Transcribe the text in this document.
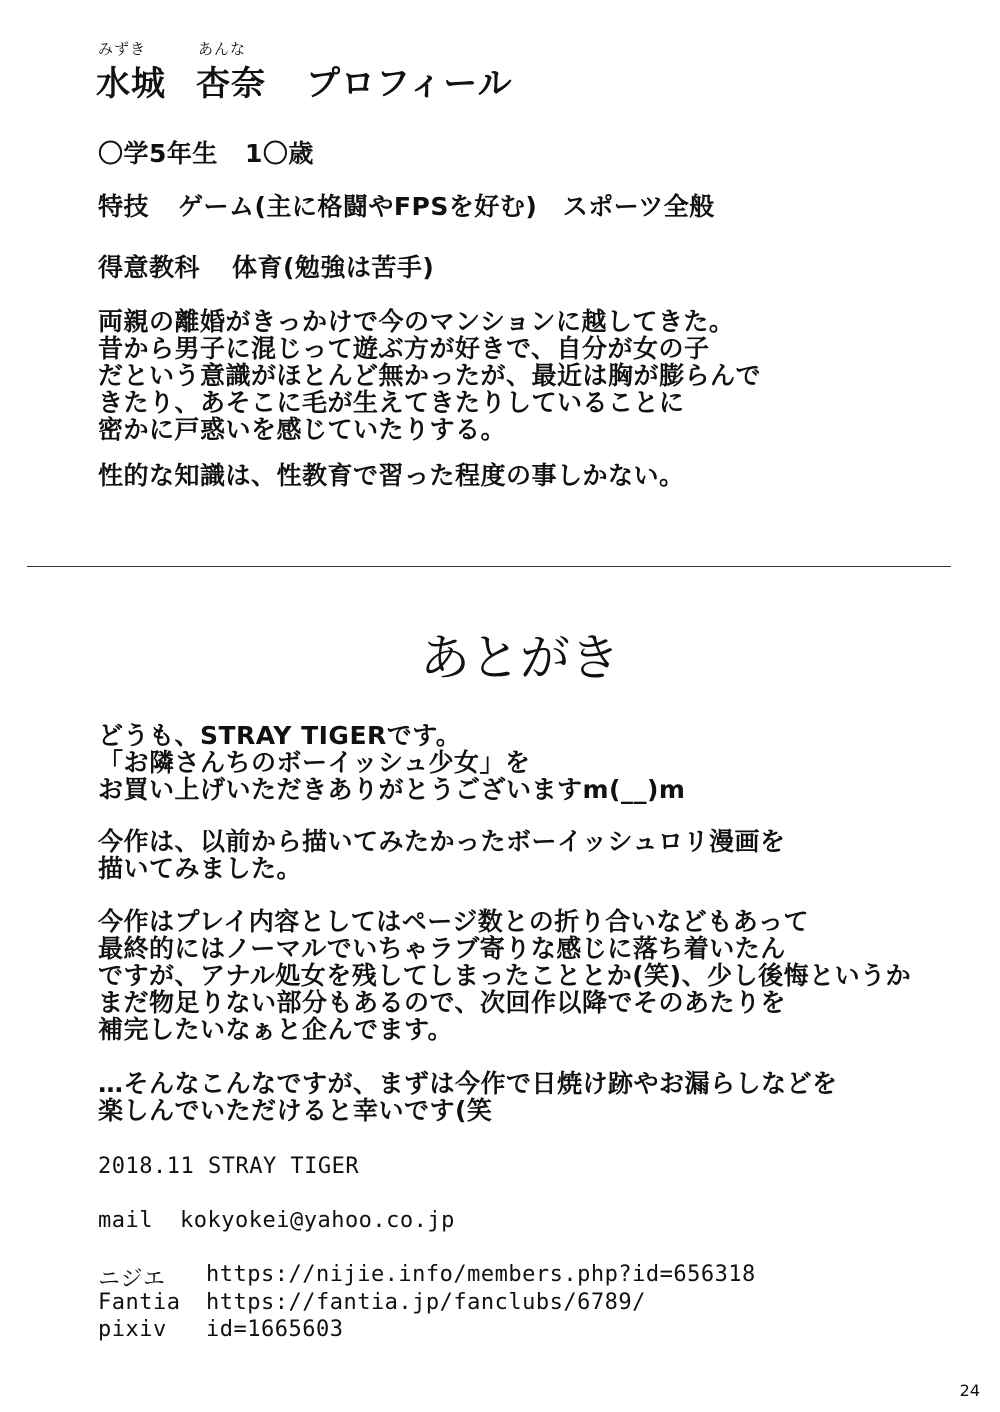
みずき	あんな
水城 杏奈 プロフィール
〇学5年生 1〇歳
特技 ゲーム(主に格闘やFPSを好む)　スポーツ全般
得意教科 体育(勉強は苦手)
両親の離婚がきっかけで今のマンションに越してきた。
昔から男子に混じって遊ぶ方が好きで、自分が女の子
だという意識がほとんど無かったが、最近は胸が膨らんで
きたり、あそこに毛が生えてきたりしていることに
密かに戸惑いを感じていたりする。
性的な知識は、性教育で習った程度の事しかない。
あとがき
どうも、STRAY TIGERです。
「お隣さんちのボーイッシュ少女」を
お買い上げいただきありがとうございますm(__)m
今作は、以前から描いてみたかったボーイッシュロリ漫画を
描いてみました。
今作はプレイ内容としてはページ数との折り合いなどもあって
最終的にはノーマルでいちゃラブ寄りな感じに落ち着いたん
ですが、アナル処女を残してしまったこととか(笑)、少し後悔というか
まだ物足りない部分もあるので、次回作以降でそのあたりを
補完したいなぁと企んでます。
…そんなこんなですが、まずは今作で日焼け跡やお漏らしなどを
楽しんでいただけると幸いです(笑
2018.11 STRAY TIGER
mail kokyokei@yahoo.co.jp
ニジエ https://nijie.info/members.php?id=656318
Fantia https://fantia.jp/fanclubs/6789/
pixiv id=1665603
24
